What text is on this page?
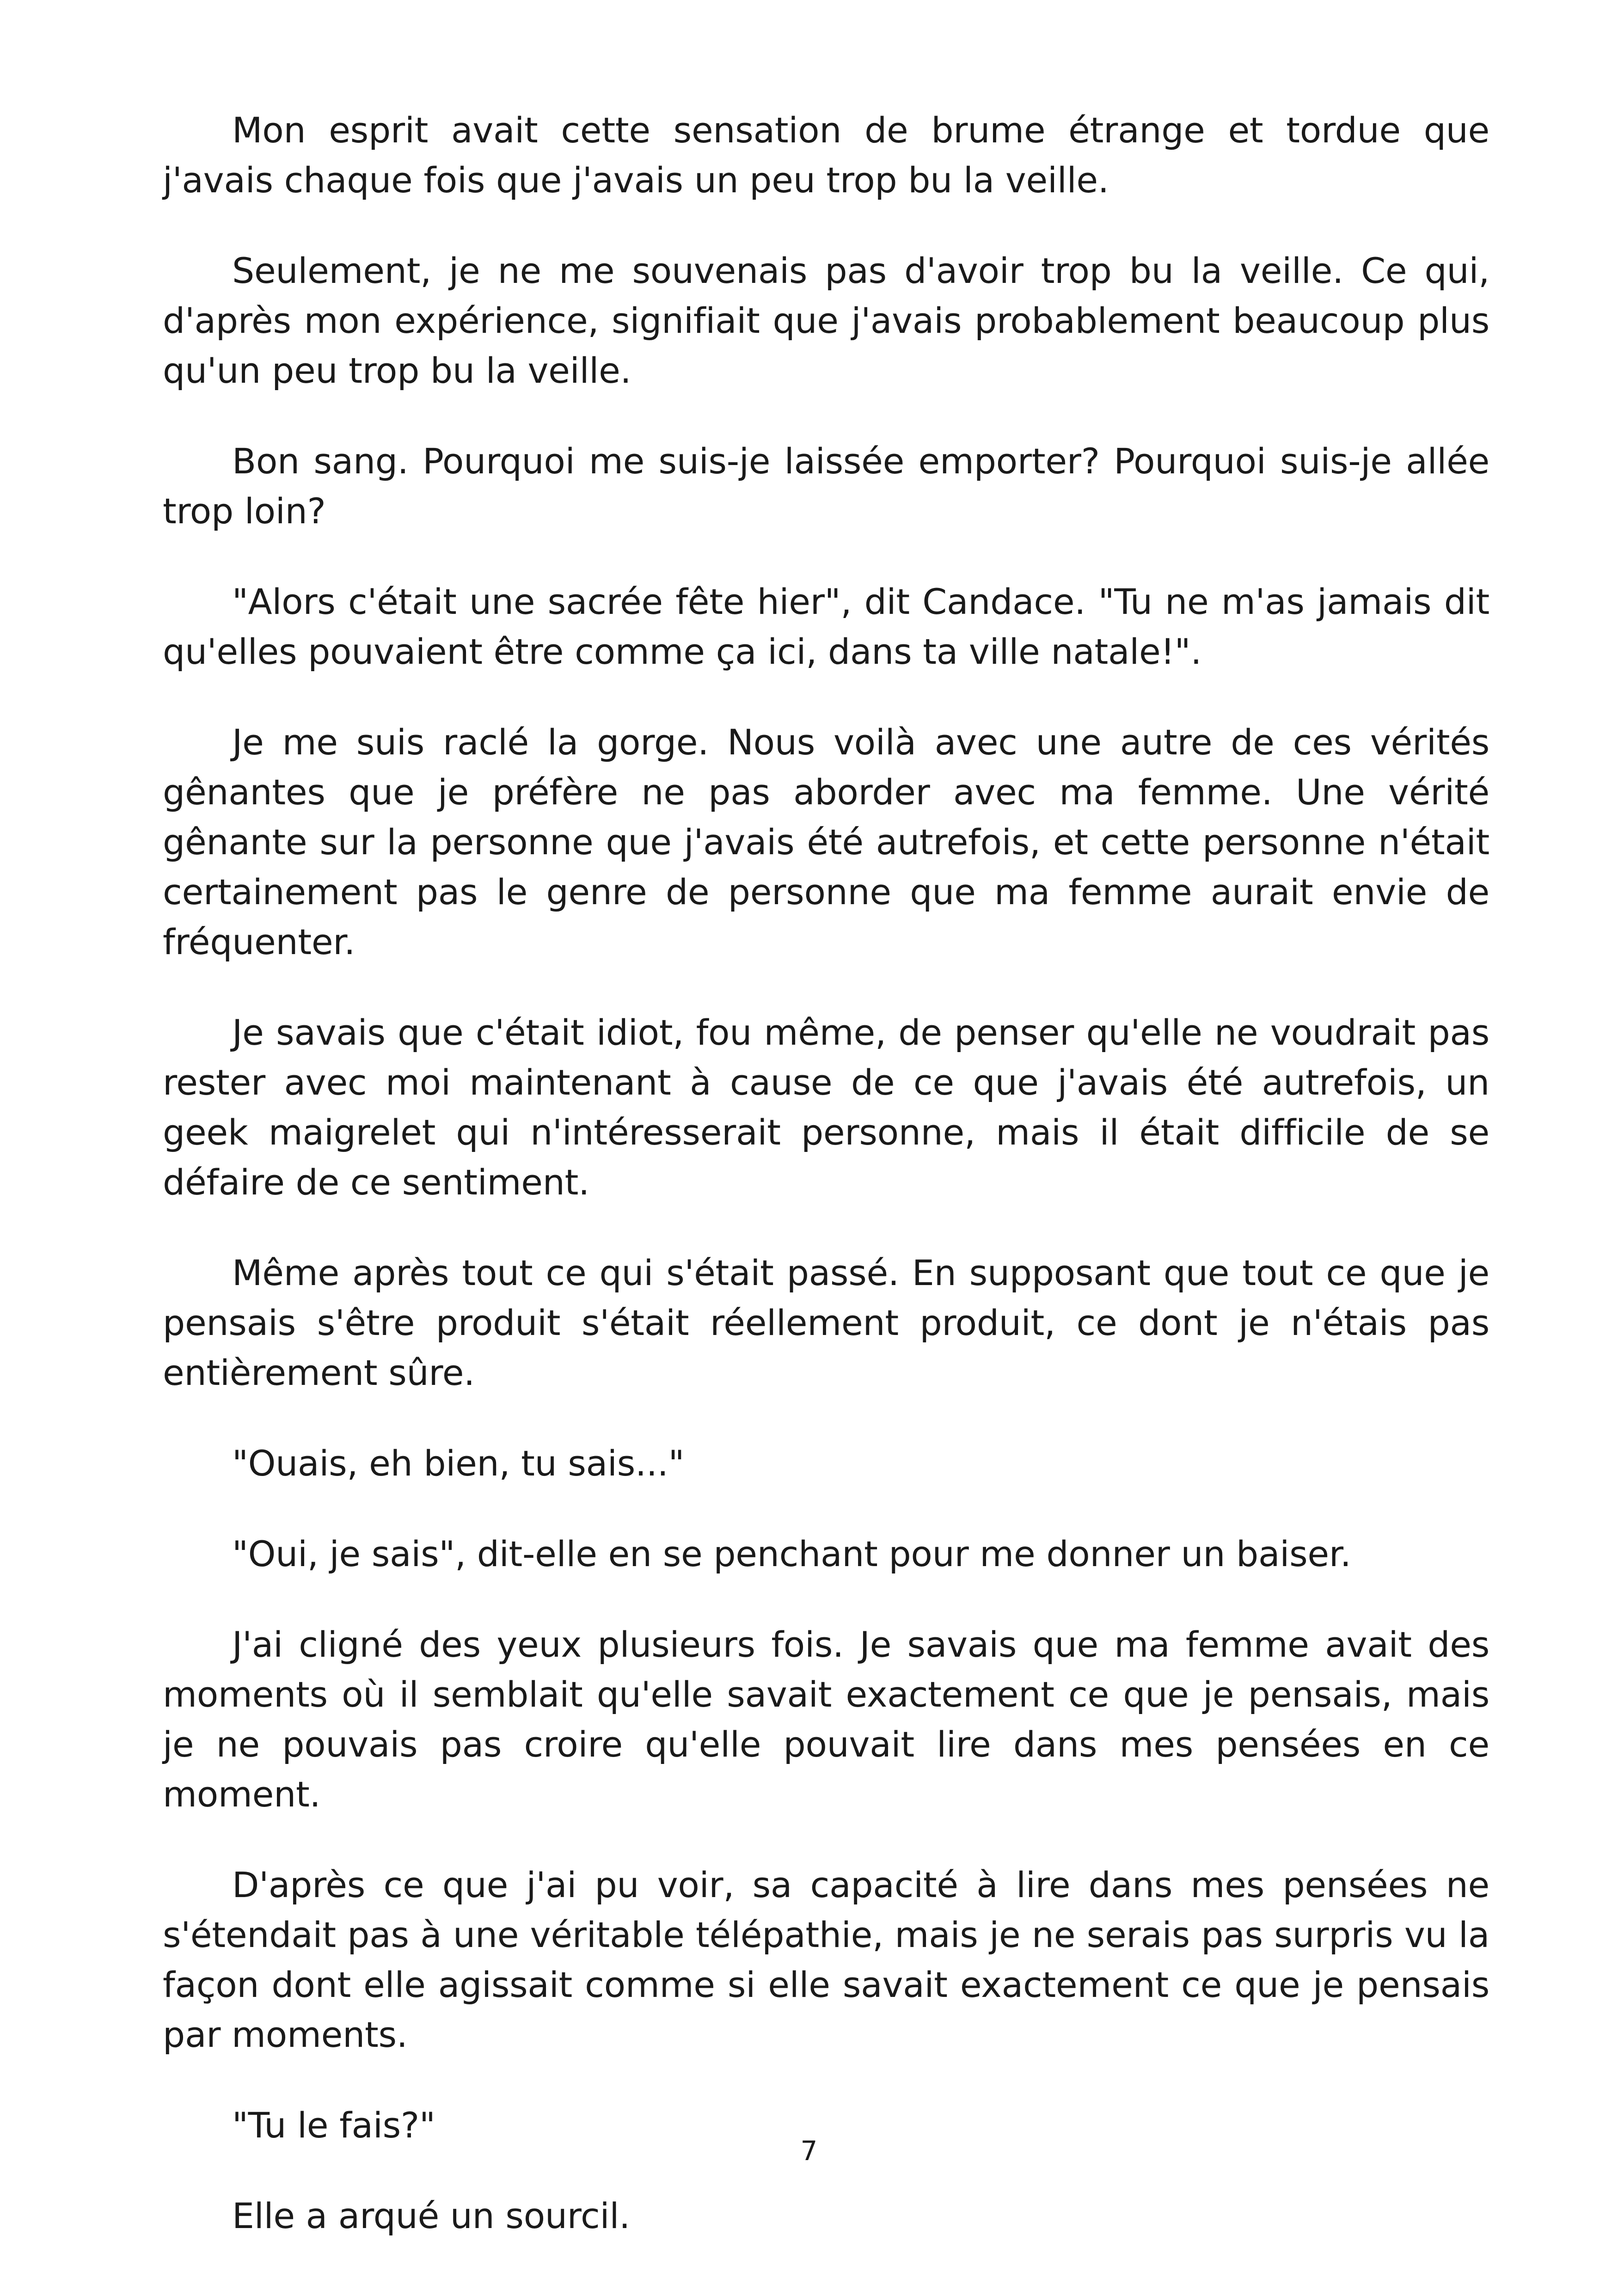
Mon esprit avait cette sensation de brume étrange et tordue que j'avais chaque fois que j'avais un peu trop bu la veille.

Seulement, je ne me souvenais pas d'avoir trop bu la veille. Ce qui, d'après mon expérience, signifiait que j'avais probablement beaucoup plus qu'un peu trop bu la veille.

Bon sang. Pourquoi me suis-je laissée emporter? Pourquoi suis-je allée trop loin?

"Alors c'était une sacrée fête hier", dit Candace. "Tu ne m'as jamais dit qu'elles pouvaient être comme ça ici, dans ta ville natale!".

Je me suis raclé la gorge. Nous voilà avec une autre de ces vérités gênantes que je préfère ne pas aborder avec ma femme. Une vérité gênante sur la personne que j'avais été autrefois, et cette personne n'était certainement pas le genre de personne que ma femme aurait envie de fréquenter.

Je savais que c'était idiot, fou même, de penser qu'elle ne voudrait pas rester avec moi maintenant à cause de ce que j'avais été autrefois, un geek maigrelet qui n'intéresserait personne, mais il était difficile de se défaire de ce sentiment.

Même après tout ce qui s'était passé. En supposant que tout ce que je pensais s'être produit s'était réellement produit, ce dont je n'étais pas entièrement sûre.

"Ouais, eh bien, tu sais..."

"Oui, je sais", dit-elle en se penchant pour me donner un baiser.

J'ai cligné des yeux plusieurs fois. Je savais que ma femme avait des moments où il semblait qu'elle savait exactement ce que je pensais, mais je ne pouvais pas croire qu'elle pouvait lire dans mes pensées en ce moment.

D'après ce que j'ai pu voir, sa capacité à lire dans mes pensées ne s'étendait pas à une véritable télépathie, mais je ne serais pas surpris vu la façon dont elle agissait comme si elle savait exactement ce que je pensais par moments.

"Tu le fais?"

Elle a arqué un sourcil.

7
